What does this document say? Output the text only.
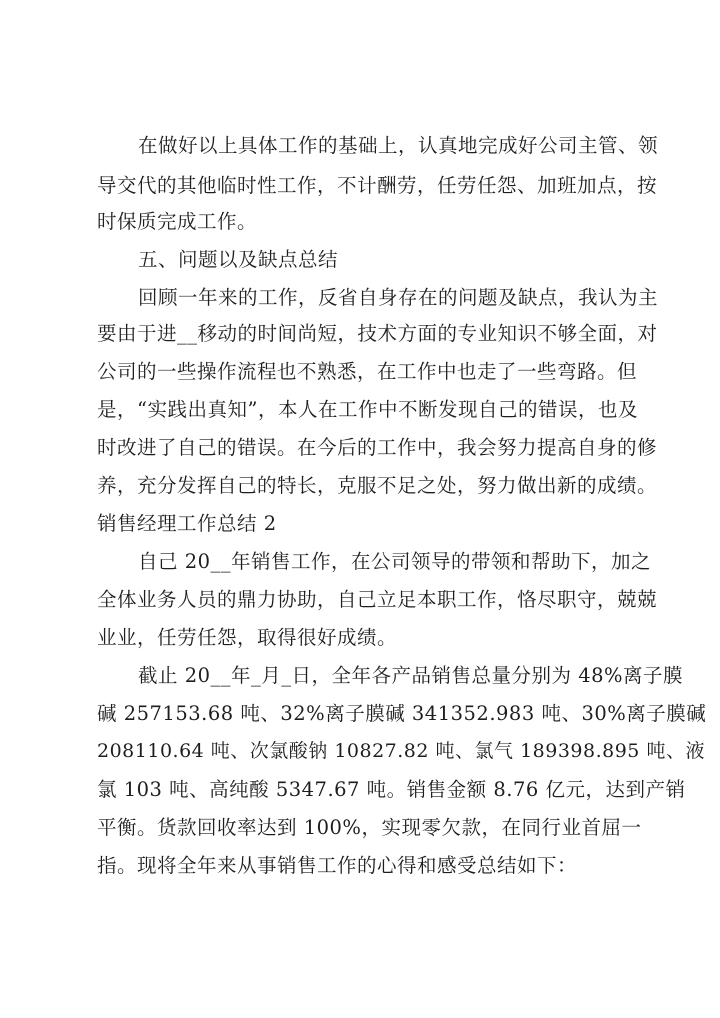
在做好以上具体工作的基础上，认真地完成好公司主管、领
导交代的其他临时性工作，不计酬劳，任劳任怨、加班加点，按
时保质完成工作。
五、问题以及缺点总结
回顾一年来的工作，反省自身存在的问题及缺点，我认为主
要由于进__移动的时间尚短，技术方面的专业知识不够全面，对
公司的一些操作流程也不熟悉，在工作中也走了一些弯路。但
是，“实践出真知”，本人在工作中不断发现自己的错误，也及
时改进了自己的错误。在今后的工作中，我会努力提高自身的修
养，充分发挥自己的特长，克服不足之处，努力做出新的成绩。
销售经理工作总结 2
自己 20__年销售工作，在公司领导的带领和帮助下，加之
全体业务人员的鼎力协助，自己立足本职工作，恪尽职守，兢兢
业业，任劳任怨，取得很好成绩。
截止 20__年_月_日，全年各产品销售总量分别为 48%离子膜
碱 257153.68 吨、32%离子膜碱 341352.983 吨、30%离子膜碱
208110.64 吨、次氯酸钠 10827.82 吨、氯气 189398.895 吨、液
氯 103 吨、高纯酸 5347.67 吨。销售金额 8.76 亿元，达到产销
平衡。货款回收率达到 100%，实现零欠款，在同行业首屈一
指。现将全年来从事销售工作的心得和感受总结如下：
